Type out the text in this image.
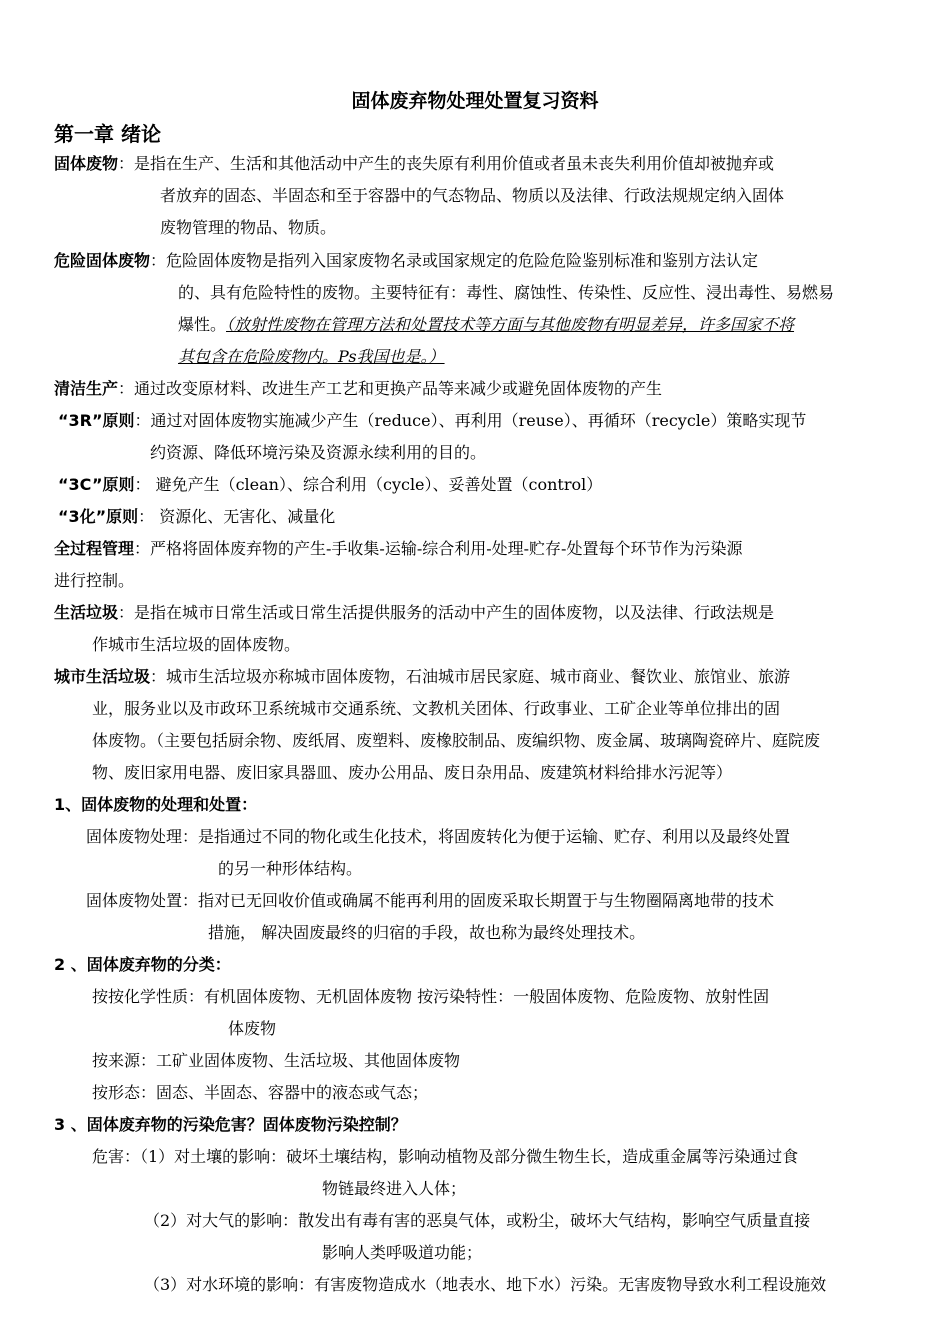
固体废弃物处理处置复习资料
第一章 绪论
固体废物：是指在生产、生活和其他活动中产生的丧失原有利用价值或者虽未丧失利用价值却被抛弃或
者放弃的固态、半固态和至于容器中的气态物品、物质以及法律、行政法规规定纳入固体
废物管理的物品、物质。
危险固体废物：危险固体废物是指列入国家废物名录或国家规定的危险危险鉴别标准和鉴别方法认定
的、具有危险特性的废物。主要特征有：毒性、腐蚀性、传染性、反应性、浸出毒性、易燃易
爆性。（放射性废物在管理方法和处置技术等方面与其他废物有明显差异，许多国家不将
其包含在危险废物内。Ps我国也是。）
清洁生产：通过改变原材料、改进生产工艺和更换产品等来减少或避免固体废物的产生
“3R”原则：通过对固体废物实施减少产生（reduce）、再利用（reuse）、再循环（recycle）策略实现节
约资源、降低环境污染及资源永续利用的目的。
“3C”原则： 避免产生（clean）、综合利用（cycle）、妥善处置（control）
“3化”原则： 资源化、无害化、减量化
全过程管理：严格将固体废弃物的产生-手收集-运输-综合利用-处理-贮存-处置每个环节作为污染源
进行控制。
生活垃圾：是指在城市日常生活或日常生活提供服务的活动中产生的固体废物，以及法律、行政法规是
作城市生活垃圾的固体废物。
城市生活垃圾：城市生活垃圾亦称城市固体废物，石油城市居民家庭、城市商业、餐饮业、旅馆业、旅游
业，服务业以及市政环卫系统城市交通系统、文教机关团体、行政事业、工矿企业等单位排出的固
体废物。（主要包括厨余物、废纸屑、废塑料、废橡胶制品、废编织物、废金属、玻璃陶瓷碎片、庭院废
物、废旧家用电器、废旧家具器皿、废办公用品、废日杂用品、废建筑材料给排水污泥等）
1、固体废物的处理和处置：
固体废物处理：是指通过不同的物化或生化技术，将固废转化为便于运输、贮存、利用以及最终处置
的另一种形体结构。
固体废物处置：指对已无回收价值或确属不能再利用的固废采取长期置于与生物圈隔离地带的技术
措施， 解决固废最终的归宿的手段，故也称为最终处理技术。
2 、固体废弃物的分类：
按按化学性质：有机固体废物、无机固体废物 按污染特性：一般固体废物、危险废物、放射性固
体废物
按来源：工矿业固体废物、生活垃圾、其他固体废物
按形态：固态、半固态、容器中的液态或气态；
3 、固体废弃物的污染危害？固体废物污染控制？
危害：（1）对土壤的影响：破坏土壤结构，影响动植物及部分微生物生长，造成重金属等污染通过食
物链最终进入人体；
（2）对大气的影响：散发出有毒有害的恶臭气体，或粉尘，破坏大气结构，影响空气质量直接
影响人类呼吸道功能；
（3）对水环境的影响：有害废物造成水（地表水、地下水）污染。无害废物导致水利工程设施效
